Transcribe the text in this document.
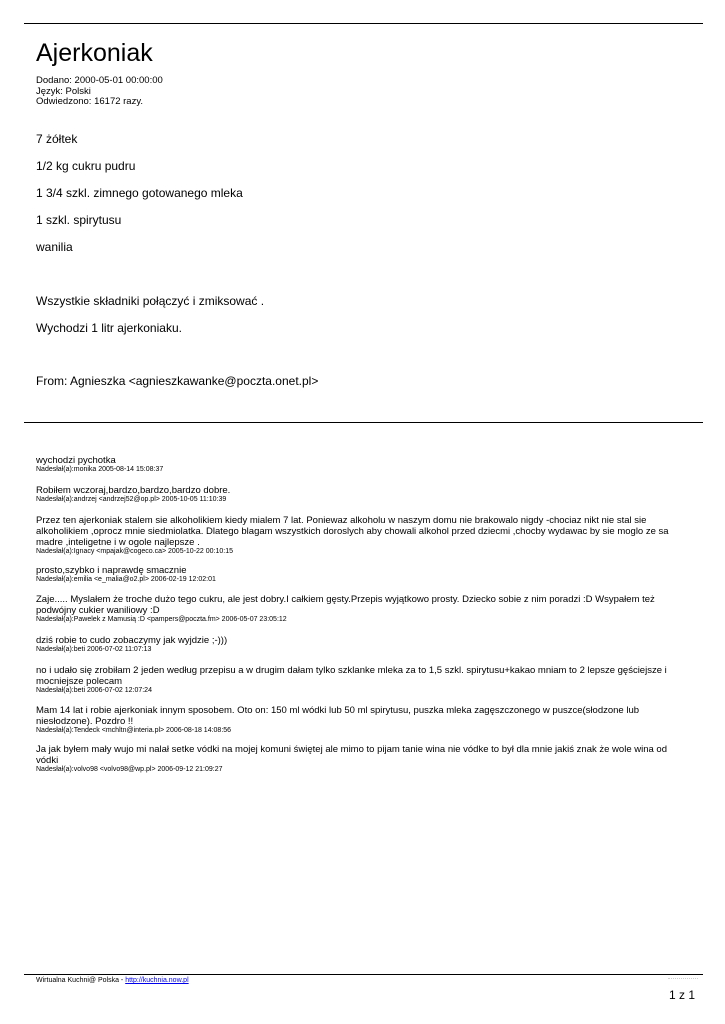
Ajerkoniak
Dodano: 2000-05-01 00:00:00
Język: Polski
Odwiedzono: 16172 razy.

7 żółtek

1/2 kg cukru pudru

1 3/4 szkl. zimnego gotowanego mleka

1 szkl. spirytusu

wanilia

Wszystkie składniki połączyć i zmiksować .

Wychodzi 1 litr ajerkoniaku.

From: Agnieszka <agnieszkawanke@poczta.onet.pl>

wychodzi pychotka
Nadesłał(a):monika 2005-08-14 15:08:37
Robiłem wczoraj,bardzo,bardzo,bardzo dobre.
Nadesłał(a):andrzej <andrzej52@op.pl> 2005-10-05 11:10:39
Przez ten ajerkoniak stalem sie alkoholikiem kiedy mialem 7 lat. Poniewaz alkoholu w naszym domu nie brakowalo nigdy -chociaz nikt nie stal sie alkoholikiem ,oprocz mnie siedmiolatka. Dlatego blagam wszystkich doroslych aby chowali alkohol przed dziecmi ,chocby wydawac by sie moglo ze sa madre ,inteligetne i w ogole najlepsze .
Nadesłał(a):Ignacy <mpajak@cogeco.ca> 2005-10-22 00:10:15
prosto,szybko i naprawdę smacznie
Nadesłał(a):emilia <e_malia@o2.pl> 2006-02-19 12:02:01
Zaje..... Myslałem że troche dużo tego cukru, ale jest dobry.I całkiem gęsty.Przepis wyjątkowo prosty. Dziecko sobie z nim poradzi :D Wsypałem też podwójny cukier waniliowy :D
Nadesłał(a):Pawelek z Mamusią :D <pampers@poczta.fm> 2006-05-07 23:05:12
dziś robie to cudo zobaczymy jak wyjdzie ;-)))
Nadesłał(a):beti 2006-07-02 11:07:13
no i udało się zrobiłam 2 jeden według przepisu a w drugim dałam tylko szklanke mleka za to 1,5 szkl. spirytusu+kakao mniam to 2 lepsze gęściejsze i mocniejsze polecam
Nadesłał(a):beti 2006-07-02 12:07:24
Mam 14 lat i robie ajerkoniak innym sposobem. Oto on: 150 ml wódki lub 50 ml spirytusu, puszka mleka zagęszczonego w puszce(słodzone lub niesłodzone). Pozdro !!
Nadesłał(a):Tendeck <mchltn@interia.pl> 2006-08-18 14:08:56
Ja jak byłem mały wujo mi nalał setke vódki na mojej komuni świętej ale mimo to pijam tanie wina nie vódke to był dla mnie jakiś znak że wole wina od vódki
Nadesłał(a):volvo98 <volvo98@wp.pl> 2006-09-12 21:09:27
Wirtualna Kuchni@ Polska - http://kuchnia.now.pl
1 z 1
